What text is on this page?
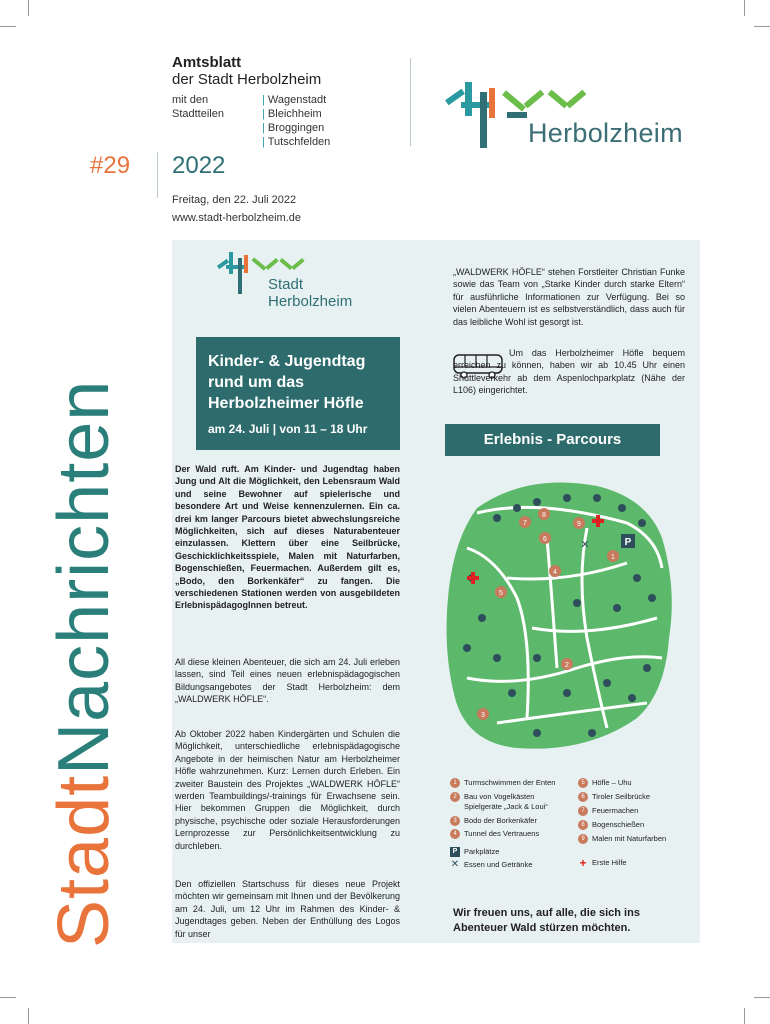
Amtsblatt
der Stadt Herbolzheim
mit den
Stadtteilen
| Wagenstadt
| Bleichheim
| Broggingen
| Tutschfelden	Herbolzheim
#29 2022
Freitag, den 22. Juli 2022
www.stadt-herbolzheim.de
StadtNachrichten
Stadt
Herbolzheim
Kinder- & Jugendtag rund um das Herbolzheimer Höfle
am 24. Juli | von 11 – 18 Uhr
Der Wald ruft. Am Kinder- und Jugendtag haben Jung und Alt die Möglichkeit, den Lebensraum Wald und seine Bewohner auf spielerische und besondere Art und Weise kennenzulernen. Ein ca. drei km langer Parcours bietet abwechslungsreiche Möglichkeiten, sich auf dieses Naturabenteuer einzulassen. Klettern über eine Seilbrücke, Geschicklichkeitsspiele, Malen mit Naturfarben, Bogenschießen, Feuermachen. Außerdem gilt es, „Bodo, den Borkenkäfer“ zu fangen. Die verschiedenen Stationen werden von ausgebildeten ErlebnispädagogInnen betreut.
All diese kleinen Abenteuer, die sich am 24. Juli erleben lassen, sind Teil eines neuen erlebnispädagogischen Bildungsangebotes der Stadt Herbolzheim: dem „WALDWERK HÖFLE“.
Ab Oktober 2022 haben Kindergärten und Schulen die Möglichkeit, unterschiedliche erlebnispädagogische Angebote in der heimischen Natur am Herbolzheimer Höfle wahrzunehmen. Kurz: Lernen durch Erleben. Ein zweiter Baustein des Projektes „WALDWERK HÖFLE“ werden Teambuildings/-trainings für Erwachsene sein. Hier bekommen Gruppen die Möglichkeit, durch physische, psychische oder soziale Herausforderungen Lernprozesse zur Persönlichkeitsentwicklung zu durchleben.
Den offiziellen Startschuss für dieses neue Projekt möchten wir gemeinsam mit Ihnen und der Bevölkerung am 24. Juli, um 12 Uhr im Rahmen des Kinder- & Jugendtages geben. Neben der Enthüllung des Logos für unser
„WALDWERK HÖFLE“ stehen Forstleiter Christian Funke sowie das Team von „Starke Kinder durch starke Eltern“ für ausführliche Informationen zur Verfügung. Bei so vielen Abenteuern ist es selbstverständlich, dass auch für das leibliche Wohl ist gesorgt ist.
Um das Herbolzheimer Höfle bequem erreichen zu können, haben wir ab 10.45 Uhr einen Shuttleverkehr ab dem Aspenlochparkplatz (Nähe der L106) eingerichtet.
Erlebnis - Parcours
1
2
3
4
5
6
7
8
9
P
✕
1 Turmschwimmen der Enten
2 Bau von Vogelkästen Spielgeräte „Jack & Loui“
3 Bodo der Borkenkäfer
4 Tunnel des Vertrauens
P Parkplätze
✕ Essen und Getränke
5 Höfle – Uhu
6 Tiroler Seilbrücke
7 Feuermachen
8 Bogenschießen
9 Malen mit Naturfarben
+ Erste Hilfe
Wir freuen uns, auf alle, die sich ins Abenteuer Wald stürzen möchten.
